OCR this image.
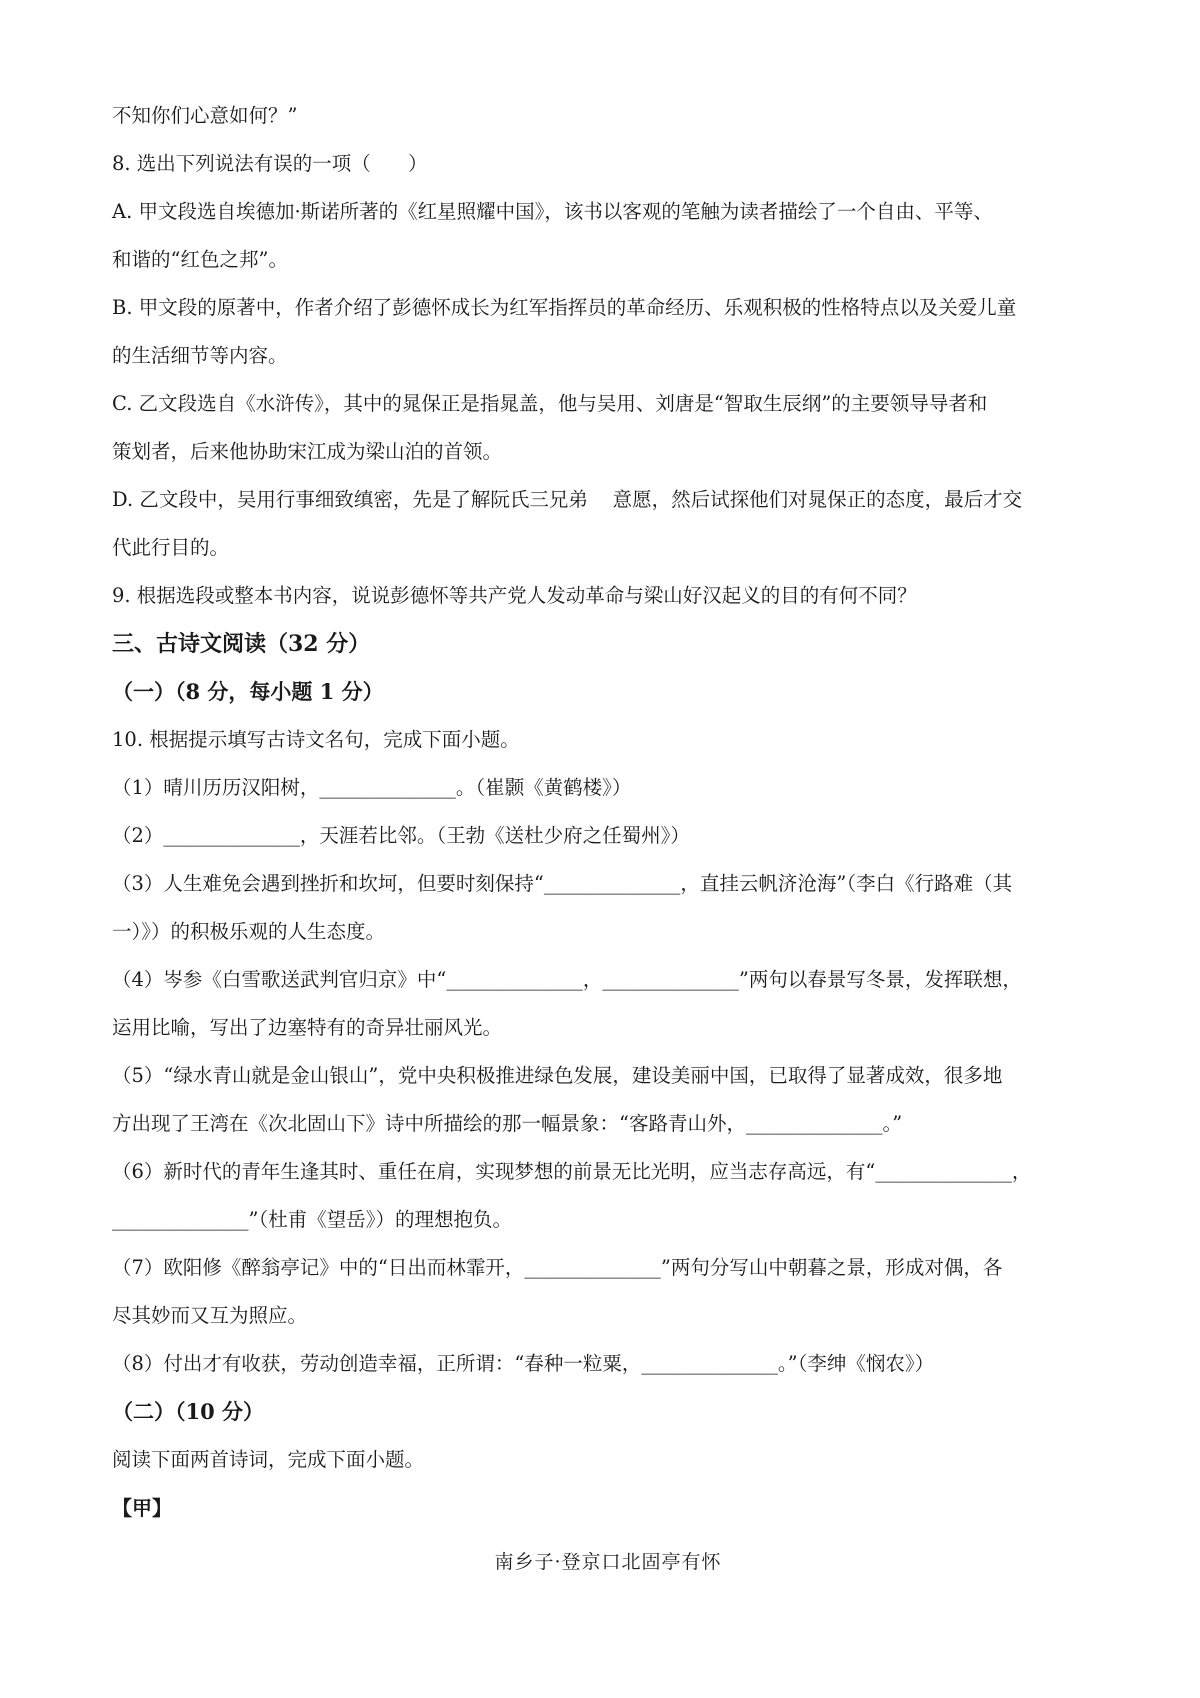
不知你们心意如何？”

8. 选出下列说法有误的一项（      ）

A. 甲文段选自埃德加·斯诺所著的《红星照耀中国》，该书以客观的笔触为读者描绘了一个自由、平等、

和谐的“红色之邦”。

B. 甲文段的原著中，作者介绍了彭德怀成长为红军指挥员的革命经历、乐观积极的性格特点以及关爱儿童

的生活细节等内容。

C. 乙文段选自《水浒传》，其中的晁保正是指晁盖，他与吴用、刘唐是“智取生辰纲”的主要领导导者和

策划者，后来他协助宋江成为梁山泊的首领。

D. 乙文段中，吴用行事细致缜密，先是了解阮氏三兄弟    意愿，然后试探他们对晁保正的态度，最后才交

代此行目的。

9. 根据选段或整本书内容，说说彭德怀等共产党人发动革命与梁山好汉起义的目的有何不同？

三、古诗文阅读（32 分）

（一）（8 分，每小题 1 分）

10. 根据提示填写古诗文名句，完成下面小题。

（1）晴川历历汉阳树，______________。（崔颢《黄鹤楼》）

（2）______________，天涯若比邻。（王勃《送杜少府之任蜀州》）

（3）人生难免会遇到挫折和坎坷，但要时刻保持“______________，直挂云帆济沧海”（李白《行路难（其

一）》）的积极乐观的人生态度。

（4）岑参《白雪歌送武判官归京》中“______________，______________”两句以春景写冬景，发挥联想，

运用比喻，写出了边塞特有的奇异壮丽风光。

（5）“绿水青山就是金山银山”，党中央积极推进绿色发展，建设美丽中国，已取得了显著成效，很多地

方出现了王湾在《次北固山下》诗中所描绘的那一幅景象：“客路青山外，______________。”

（6）新时代的青年生逢其时、重任在肩，实现梦想的前景无比光明，应当志存高远，有“______________，

______________”（杜甫《望岳》）的理想抱负。

（7）欧阳修《醉翁亭记》中的“日出而林霏开，______________”两句分写山中朝暮之景，形成对偶，各

尽其妙而又互为照应。

（8）付出才有收获，劳动创造幸福，正所谓：“春种一粒粟，______________。”（李绅《悯农》）

（二）（10 分）

阅读下面两首诗词，完成下面小题。

【甲】

南乡子·登京口北固亭有怀
